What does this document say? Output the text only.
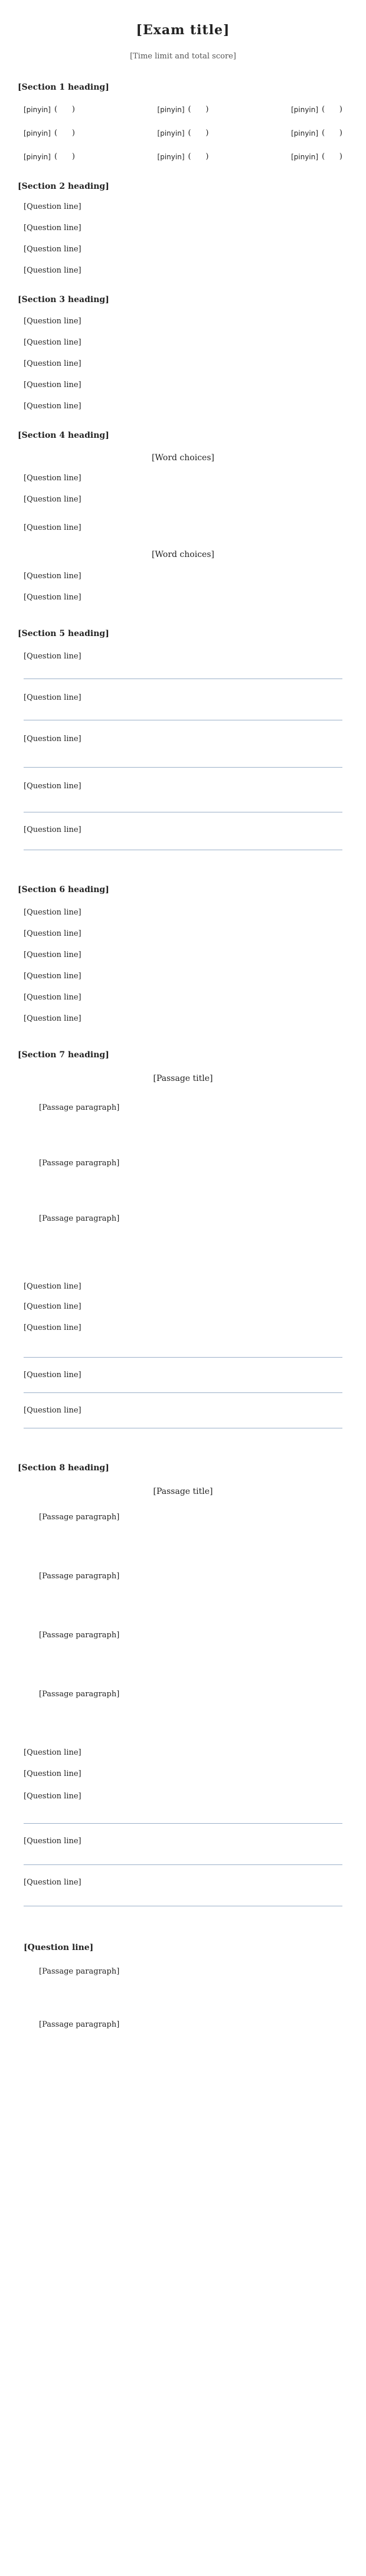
[Exam title]
[Time limit and total score]
[Section 1 heading]
[pinyin] (      )	[pinyin] (      )	[pinyin] (      )
[pinyin] (      )	[pinyin] (      )	[pinyin] (      )
[pinyin] (      )	[pinyin] (      )	[pinyin] (      )
[Section 2 heading]
[Question line]
[Question line]
[Question line]
[Question line]
[Section 3 heading]
[Question line]
[Question line]
[Question line]
[Question line]
[Question line]
[Section 4 heading]
[Word choices]
[Question line]
[Question line]
[Question line]
[Word choices]
[Question line]
[Question line]
[Section 5 heading]
[Question line]
[Question line]
[Question line]
[Question line]
[Question line]
[Section 6 heading]
[Question line]
[Question line]
[Question line]
[Question line]
[Question line]
[Question line]
[Section 7 heading]
[Passage title]
[Passage paragraph]
[Passage paragraph]
[Passage paragraph]
[Question line]
[Question line]
[Question line]
[Question line]
[Question line]
[Section 8 heading]
[Passage title]
[Passage paragraph]
[Passage paragraph]
[Passage paragraph]
[Passage paragraph]
[Question line]
[Question line]
[Question line]
[Question line]
[Question line]
[Question line]
[Passage paragraph]
[Passage paragraph]
